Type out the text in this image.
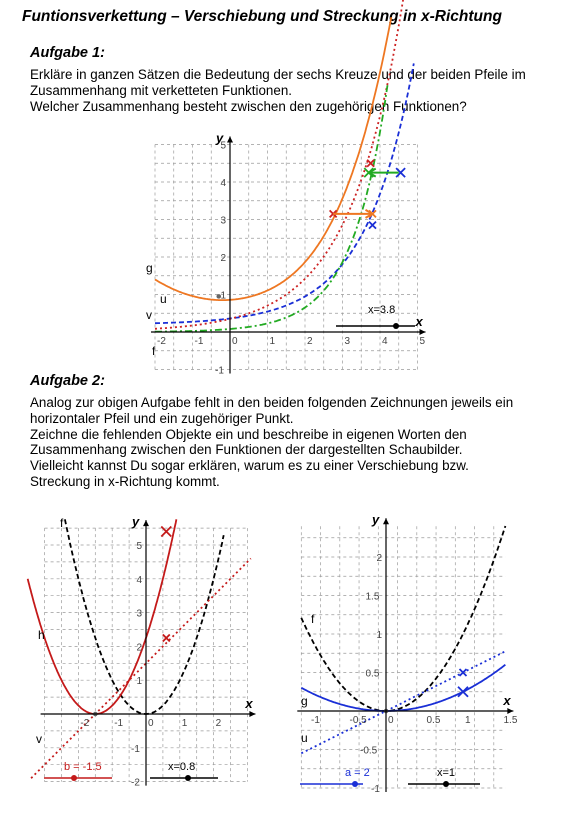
Funtionsverkettung – Verschiebung und Streckung in x-Richtung
Aufgabe 1:
Erkläre in ganzen Sätzen die Bedeutung der sechs Kreuze und der beiden Pfeile im
Zusammenhang mit verketteten Funktionen.
Welcher Zusammenhang besteht zwischen den zugehörigen Funktionen?
Aufgabe 2:
Analog zur obigen Aufgabe fehlt in den beiden folgenden Zeichnungen jeweils ein
horizontaler Pfeil und ein zugehöriger Punkt.
Zeichne die fehlenden Objekte ein und beschreibe in eigenen Worten den
Zusammenhang zwischen den Funktionen der dargestellten Schaubilder.
Vielleicht kannst Du sogar erklären, warum es zu einer Verschiebung bzw.
Streckung in x-Richtung kommt.
-2	-1	0	1	2	3	4	5
-1
1
2
3
4
5
x
y
g
u
v
f
x=3.8
-2 -1 0	1	2
-2
-1
1
2
3
4
5
x
y
f
h
v
b = -1.5	x=0.8
-1	-0.5 0	0.5 1	1.5
-1
-0.5
0.5
1
1.5
2
x
y
f
g
u
a = 2	x=1
